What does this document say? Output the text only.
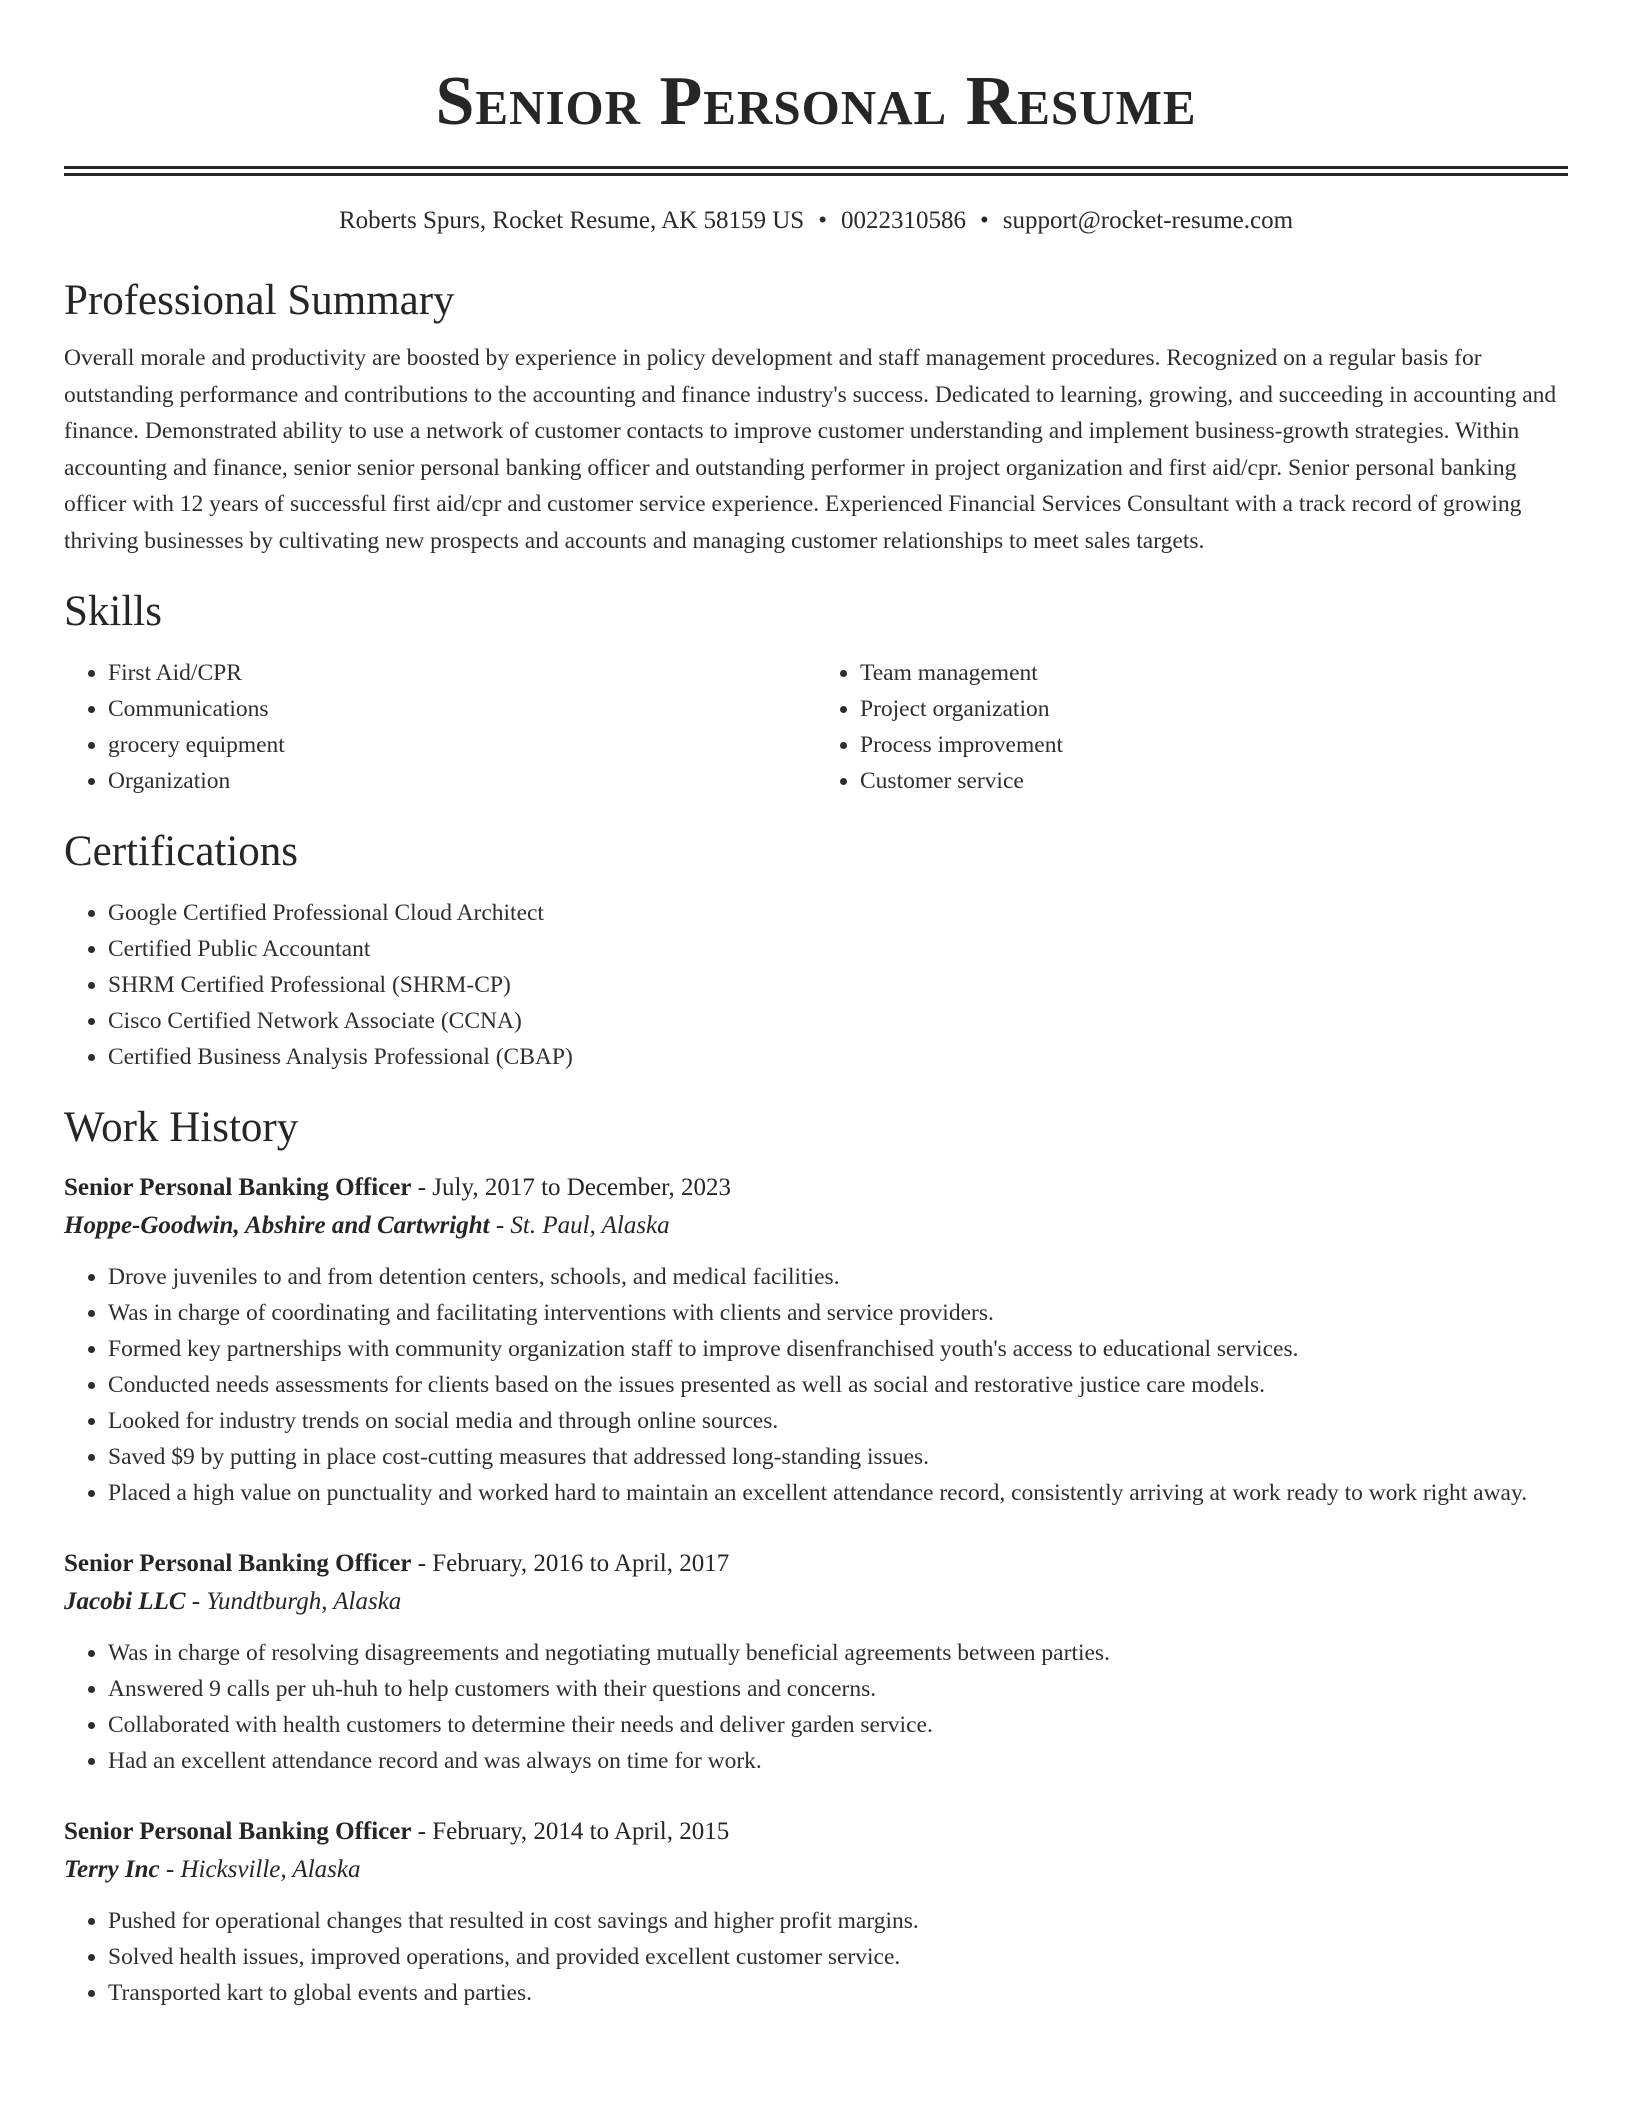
Senior Personal Resume
Roberts Spurs, Rocket Resume, AK 58159 US • 0022310586 • support@rocket-resume.com
Professional Summary

Overall morale and productivity are boosted by experience in policy development and staff management procedures. Recognized on a regular basis for outstanding performance and contributions to the accounting and finance industry's success. Dedicated to learning, growing, and succeeding in accounting and finance. Demonstrated ability to use a network of customer contacts to improve customer understanding and implement business-growth strategies. Within accounting and finance, senior senior personal banking officer and outstanding performer in project organization and first aid/cpr. Senior personal banking officer with 12 years of successful first aid/cpr and customer service experience. Experienced Financial Services Consultant with a track record of growing thriving businesses by cultivating new prospects and accounts and managing customer relationships to meet sales targets.

Skills
• First Aid/CPR
• Communications
• grocery equipment
• Organization
• Team management
• Project organization
• Process improvement
• Customer service
Certifications
• Google Certified Professional Cloud Architect
• Certified Public Accountant
• SHRM Certified Professional (SHRM-CP)
• Cisco Certified Network Associate (CCNA)
• Certified Business Analysis Professional (CBAP)
Work History
Senior Personal Banking Officer - July, 2017 to December, 2023
Hoppe-Goodwin, Abshire and Cartwright - St. Paul, Alaska
• Drove juveniles to and from detention centers, schools, and medical facilities.
• Was in charge of coordinating and facilitating interventions with clients and service providers.
• Formed key partnerships with community organization staff to improve disenfranchised youth's access to educational services.
• Conducted needs assessments for clients based on the issues presented as well as social and restorative justice care models.
• Looked for industry trends on social media and through online sources.
• Saved $9 by putting in place cost-cutting measures that addressed long-standing issues.
• Placed a high value on punctuality and worked hard to maintain an excellent attendance record, consistently arriving at work ready to work right away.
Senior Personal Banking Officer - February, 2016 to April, 2017
Jacobi LLC - Yundtburgh, Alaska
• Was in charge of resolving disagreements and negotiating mutually beneficial agreements between parties.
• Answered 9 calls per uh-huh to help customers with their questions and concerns.
• Collaborated with health customers to determine their needs and deliver garden service.
• Had an excellent attendance record and was always on time for work.
Senior Personal Banking Officer - February, 2014 to April, 2015
Terry Inc - Hicksville, Alaska
• Pushed for operational changes that resulted in cost savings and higher profit margins.
• Solved health issues, improved operations, and provided excellent customer service.
• Transported kart to global events and parties.
